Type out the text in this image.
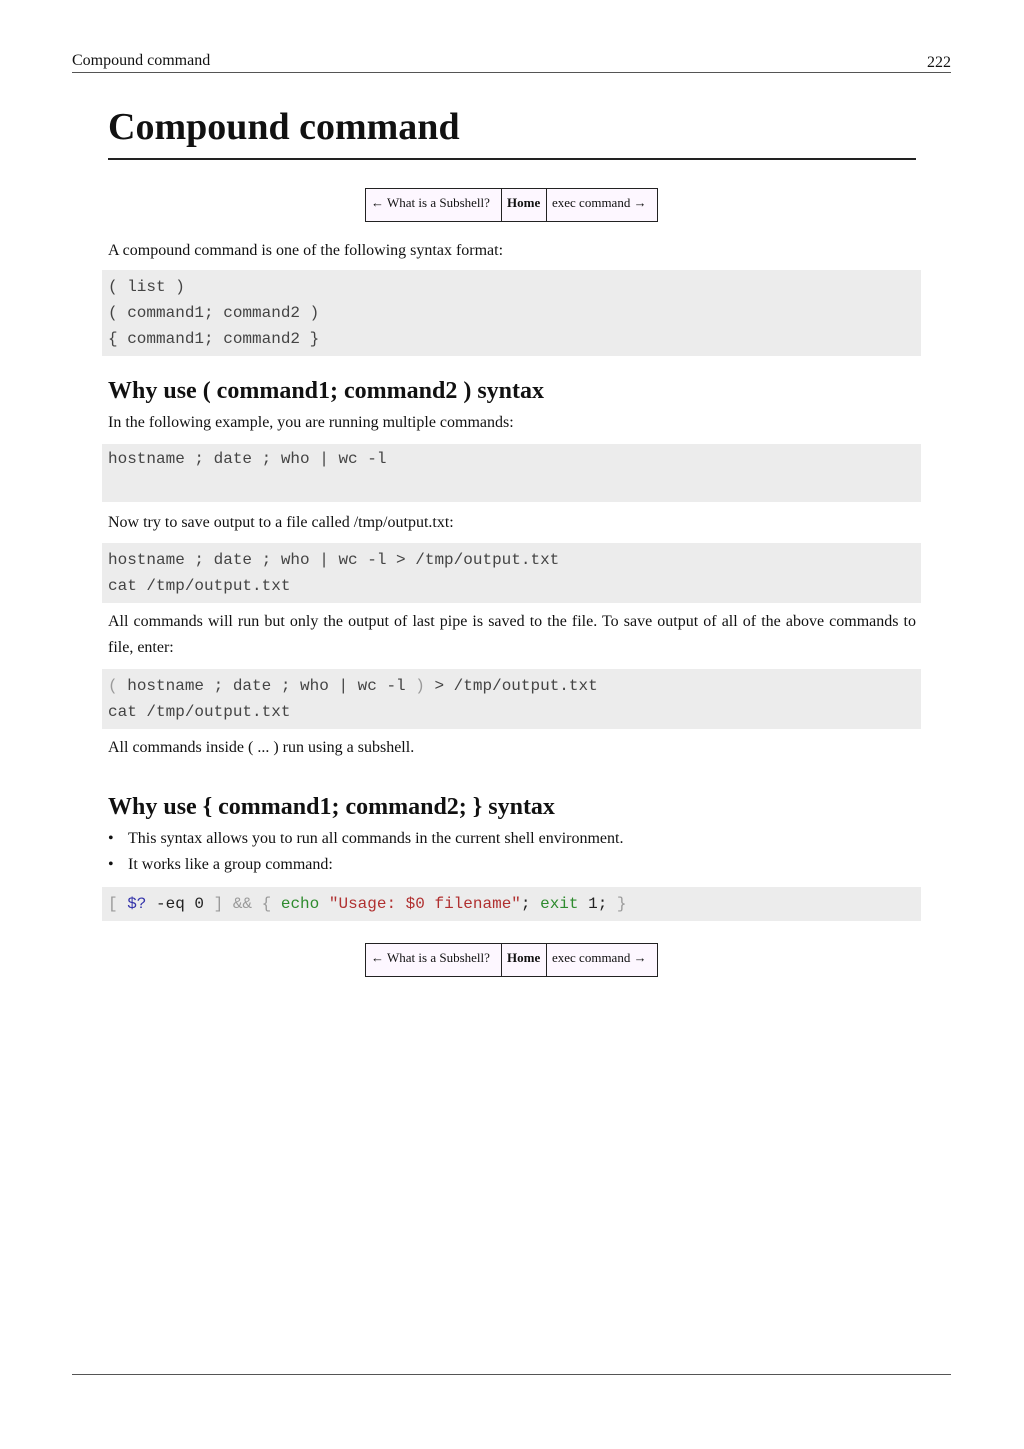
Compound command	222
Compound command
← What is a Subshell?	Home	exec command →

A compound command is one of the following syntax format:

( list )
( command1; command2 )
{ command1; command2 }
Why use ( command1; command2 ) syntax

In the following example, you are running multiple commands:

hostname ; date ; who | wc -l

Now try to save output to a file called /tmp/output.txt:

hostname ; date ; who | wc -l > /tmp/output.txt
cat /tmp/output.txt

All commands will run but only the output of last pipe is saved to the file. To save output of all of the above commands to file, enter:

( hostname ; date ; who | wc -l ) > /tmp/output.txt
cat /tmp/output.txt

All commands inside ( ... ) run using a subshell.

Why use { command1; command2; } syntax
• This syntax allows you to run all commands in the current shell environment.
• It works like a group command:
[ $? -eq 0 ] && { echo "Usage: $0 filename"; exit 1; }
← What is a Subshell?	Home	exec command →
